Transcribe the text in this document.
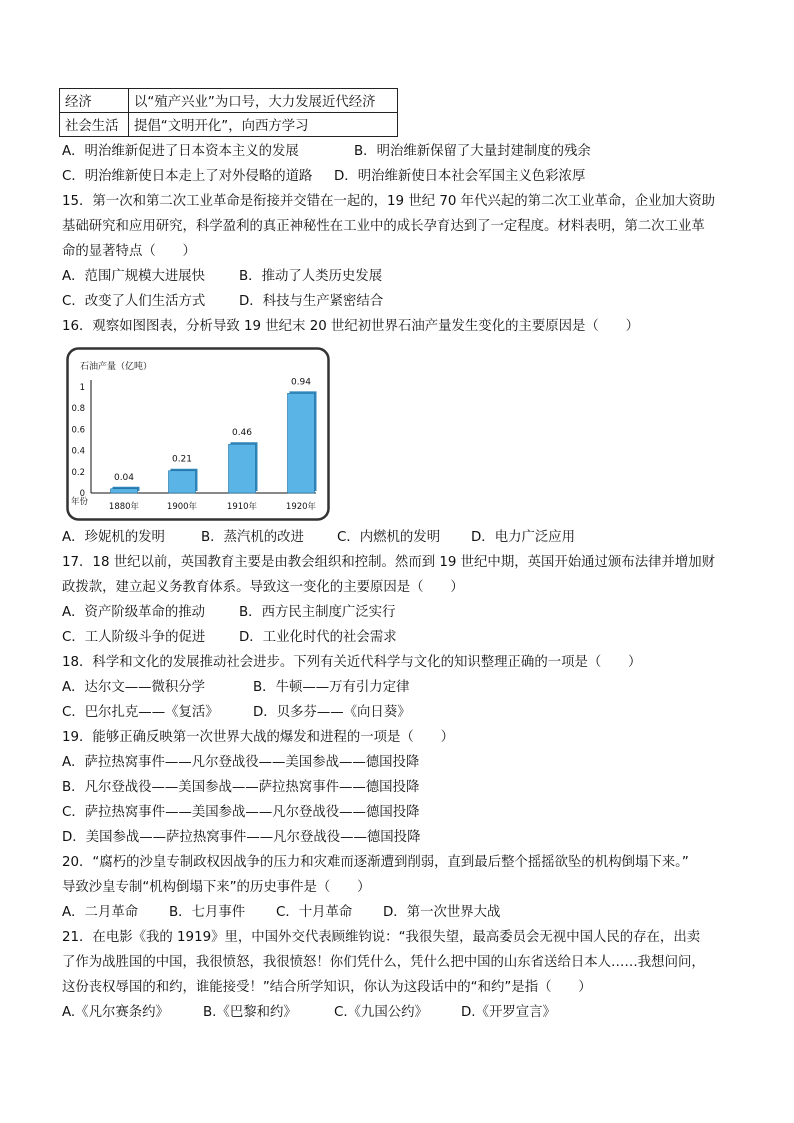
经济	以“殖产兴业”为口号，大力发展近代经济
社会生活	提倡“文明开化”，向西方学习
A．明治维新促进了日本资本主义的发展	B．明治维新保留了大量封建制度的残余
C．明治维新使日本走上了对外侵略的道路 D．明治维新使日本社会军国主义色彩浓厚
15．第一次和第二次工业革命是衔接并交错在一起的，19 世纪 70 年代兴起的第二次工业革命，企业加大资助
基础研究和应用研究，科学盈利的真正神秘性在工业中的成长孕育达到了一定程度。材料表明，第二次工业革
命的显著特点（　　）
A．范围广规模大进展快	B．推动了人类历史发展
C．改变了人们生活方式	D．科技与生产紧密结合
16．观察如图图表，分析导致 19 世纪末 20 世纪初世界石油产量发生变化的主要原因是（　　）
石油产量（亿吨）
1
0.8
0.6
0.4
0.2
0
年份
0.04
1880年
0.21
1900年
0.46
1910年
0.94
1920年
A．珍妮机的发明	B．蒸汽机的改进 C．内燃机的发明 D．电力广泛应用
17．18 世纪以前，英国教育主要是由教会组织和控制。然而到 19 世纪中期，英国开始通过颁布法律并增加财
政拨款，建立起义务教育体系。导致这一变化的主要原因是（　　）
A．资产阶级革命的推动	B．西方民主制度广泛实行
C．工人阶级斗争的促进	D．工业化时代的社会需求
18．科学和文化的发展推动社会进步。下列有关近代科学与文化的知识整理正确的一项是（　　）
A．达尔文——微积分学	B．牛顿——万有引力定律
C．巴尔扎克——《复活》	D．贝多芬——《向日葵》
19．能够正确反映第一次世界大战的爆发和进程的一项是（　　）
A．萨拉热窝事件——凡尔登战役——美国参战——德国投降
B．凡尔登战役——美国参战——萨拉热窝事件——德国投降
C．萨拉热窝事件——美国参战——凡尔登战役——德国投降
D．美国参战——萨拉热窝事件——凡尔登战役——德国投降
20．“腐朽的沙皇专制政权因战争的压力和灾难而逐渐遭到削弱，直到最后整个摇摇欲坠的机构倒塌下来。”
导致沙皇专制“机构倒塌下来”的历史事件是（　　）
A．二月革命 B．七月事件 C．十月革命 D．第一次世界大战
21．在电影《我的 1919》里，中国外交代表顾维钧说：“我很失望，最高委员会无视中国人民的存在，出卖
了作为战胜国的中国，我很愤怒，我很愤怒！你们凭什么，凭什么把中国的山东省送给日本人……我想问问，
这份丧权辱国的和约，谁能接受！”结合所学知识，你认为这段话中的“和约”是指（　　）
A.《凡尔赛条约》	B.《巴黎和约》	C.《九国公约》 D.《开罗宣言》
